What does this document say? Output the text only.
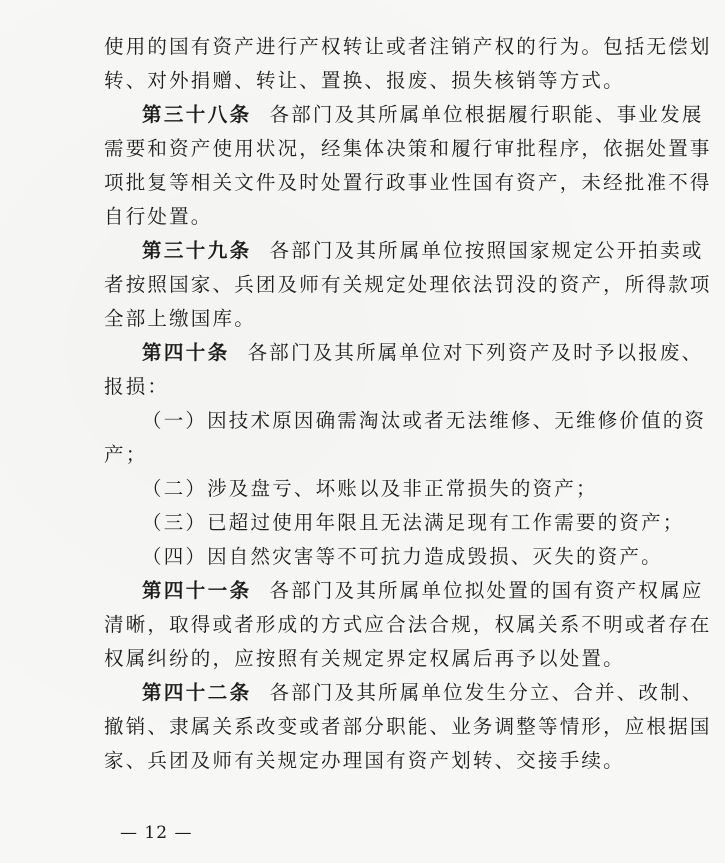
使用的国有资产进行产权转让或者注销产权的行为。包括无偿划
转、对外捐赠、转让、置换、报废、损失核销等方式。
第三十八条 各部门及其所属单位根据履行职能、事业发展
需要和资产使用状况，经集体决策和履行审批程序，依据处置事
项批复等相关文件及时处置行政事业性国有资产，未经批准不得
自行处置。
第三十九条 各部门及其所属单位按照国家规定公开拍卖或
者按照国家、兵团及师有关规定处理依法罚没的资产，所得款项
全部上缴国库。
第四十条 各部门及其所属单位对下列资产及时予以报废、
报损：
（一）因技术原因确需淘汰或者无法维修、无维修价值的资
产；
（二）涉及盘亏、坏账以及非正常损失的资产；
（三）已超过使用年限且无法满足现有工作需要的资产；
（四）因自然灾害等不可抗力造成毁损、灭失的资产。
第四十一条 各部门及其所属单位拟处置的国有资产权属应
清晰，取得或者形成的方式应合法合规，权属关系不明或者存在
权属纠纷的，应按照有关规定界定权属后再予以处置。
第四十二条 各部门及其所属单位发生分立、合并、改制、
撤销、隶属关系改变或者部分职能、业务调整等情形，应根据国
家、兵团及师有关规定办理国有资产划转、交接手续。
— 12 —
